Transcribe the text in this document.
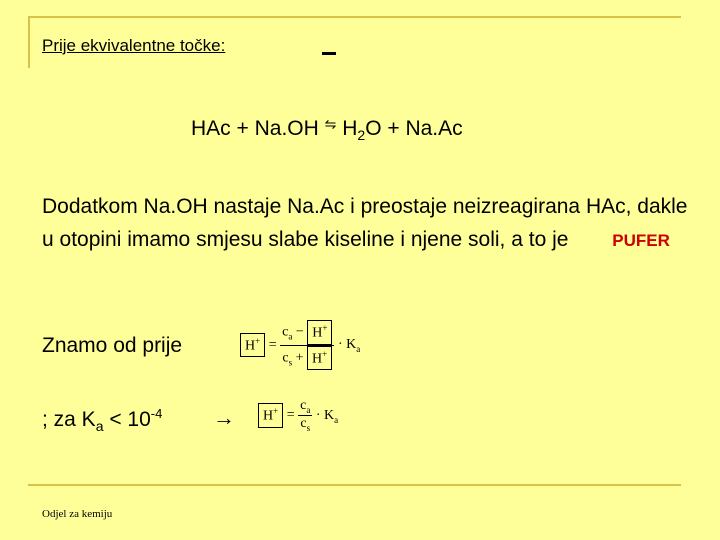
Prije ekvivalentne točke:
HAc + Na.OH ⇋ $H_2O + Na.Ac$
Dodatkom Na.OH nastaje Na.Ac i preostaje neizreagirana HAc, dakle u otopini imamo smjesu slabe kiseline i njene soli, a to je	PUFER
Znamo od prije	$H^+ = \frac{c_a - H^+}{c_s + H^+} \cdot K_a$
; za $K_a < 10^{-4}$ →	$H^+ = \frac{c_a}{c_s} \cdot K_a$
Odjel za kemiju
